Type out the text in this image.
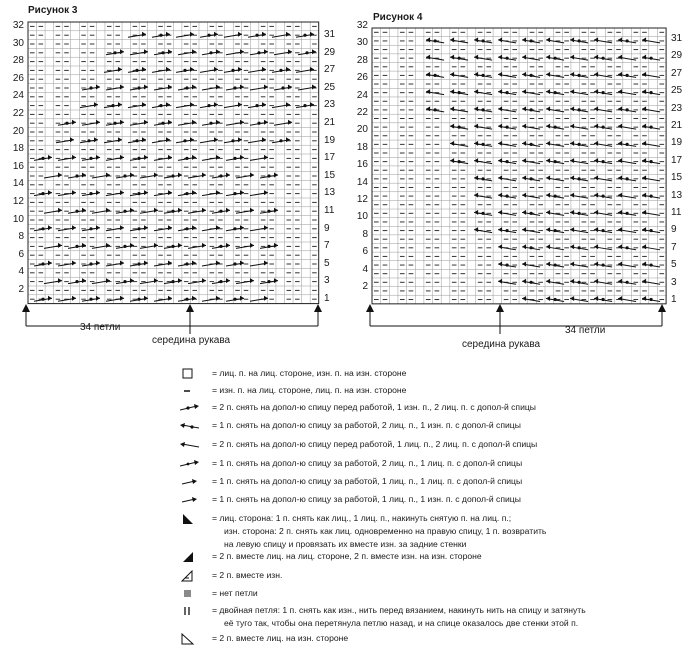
Рисунок 3
32
30
28
26
24
22
20
18
16
14
12
10
8
6
4
2
31
29
27
25
23
21
19
17
15
13
11
9
7
5
3
1
34 петли
середина рукава
Рисунок 4
32
30
28
26
24
22
20
18
16
14
12
10
8
6
4
2
31
29
27
25
23
21
19
17
15
13
11
9
7
5
3
1
середина рукава
34 петли
= лиц. п. на лиц. стороне, изн. п. на изн. стороне
= изн. п. на лиц. стороне, лиц. п. на изн. стороне
= 2 п. снять на допол-ю спицу перед работой, 1 изн. п., 2 лиц. п. с допол-й спицы
= 1 п. снять на допол-ю спицу за работой, 2 лиц. п., 1 изн. п. с допол-й спицы
= 2 п. снять на допол-ю спицу перед работой, 1 лиц. п., 2 лиц. п. с допол-й спицы
= 1 п. снять на допол-ю спицу за работой, 2 лиц. п., 1 лиц. п. с допол-й спицы
= 1 п. снять на допол-ю спицу за работой, 1 лиц. п., 1 лиц. п. с допол-й спицы
= 1 п. снять на допол-ю спицу за работой, 1 лиц. п., 1 изн. п. с допол-й спицы
= лиц. сторона: 1 п. снять как лиц., 1 лиц. п., накинуть снятую п. на лиц. п.;
изн. сторона: 2 п. снять как лиц. одновременно на правую спицу, 1 п. возвратить
на левую спицу и провязать их вместе изн. за задние стенки
= 2 п. вместе лиц. на лиц. стороне, 2 п. вместе изн. на изн. стороне
= 2 п. вместе изн.
= нет петли
= двойная петля: 1 п. снять как изн., нить перед вязанием, накинуть нить на спицу и затянуть
её туго так, чтобы она перетянула петлю назад, и на спице оказалось две стенки этой п.
= 2 п. вместе лиц. на изн. стороне
